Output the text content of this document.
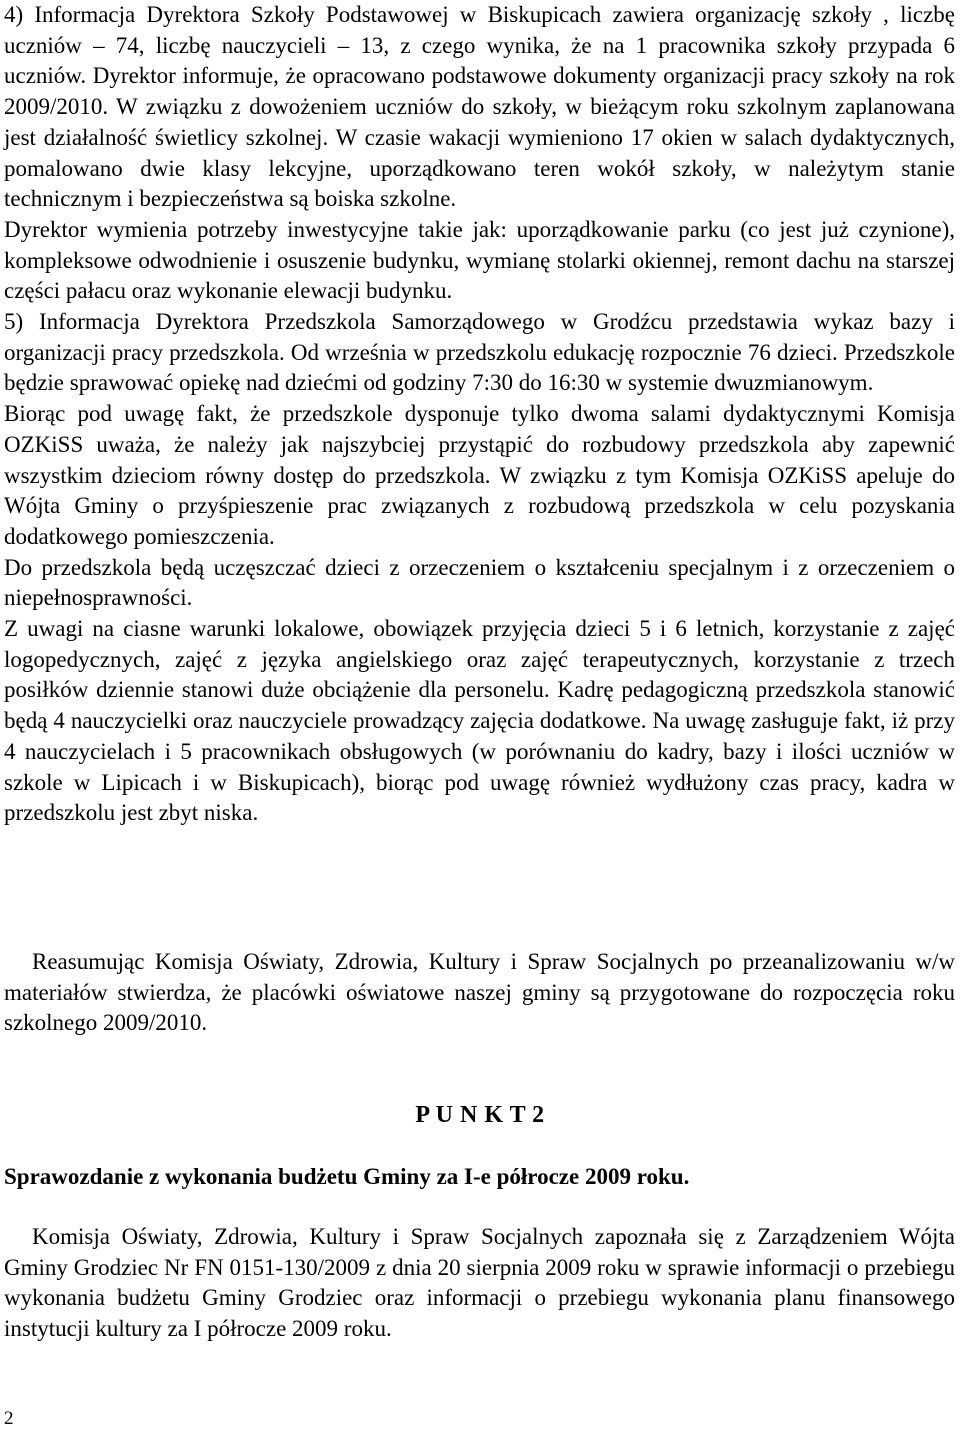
4) Informacja Dyrektora Szkoły Podstawowej w Biskupicach zawiera organizację szkoły , liczbę uczniów – 74, liczbę nauczycieli – 13, z czego wynika, że na 1 pracownika szkoły przypada 6 uczniów. Dyrektor informuje, że opracowano podstawowe dokumenty organizacji pracy szkoły na rok 2009/2010. W związku z dowożeniem uczniów do szkoły, w bieżącym roku szkolnym zaplanowana jest działalność świetlicy szkolnej. W czasie wakacji wymieniono 17 okien w salach dydaktycznych, pomalowano dwie klasy lekcyjne, uporządkowano teren wokół szkoły, w należytym stanie technicznym i bezpieczeństwa są boiska szkolne.

Dyrektor wymienia potrzeby inwestycyjne takie jak: uporządkowanie parku (co jest już czynione), kompleksowe odwodnienie i osuszenie budynku, wymianę stolarki okiennej, remont dachu na starszej części pałacu oraz wykonanie elewacji budynku.

5) Informacja Dyrektora Przedszkola Samorządowego w Grodźcu przedstawia wykaz bazy i organizacji pracy przedszkola. Od września w przedszkolu edukację rozpocznie 76 dzieci. Przedszkole będzie sprawować opiekę nad dziećmi od godziny 7:30 do 16:30 w systemie dwuzmianowym.

Biorąc pod uwagę fakt, że przedszkole dysponuje tylko dwoma salami dydaktycznymi Komisja OZKiSS uważa, że należy jak najszybciej przystąpić do rozbudowy przedszkola aby zapewnić wszystkim dzieciom równy dostęp do przedszkola. W związku z tym Komisja OZKiSS apeluje do Wójta Gminy o przyśpieszenie prac związanych z rozbudową przedszkola w celu pozyskania dodatkowego pomieszczenia.

Do przedszkola będą uczęszczać dzieci z orzeczeniem o kształceniu specjalnym i z orzeczeniem o niepełnosprawności.

Z uwagi na ciasne warunki lokalowe, obowiązek przyjęcia dzieci 5 i 6 letnich, korzystanie z zajęć logopedycznych, zajęć z języka angielskiego oraz zajęć terapeutycznych, korzystanie z trzech posiłków dziennie stanowi duże obciążenie dla personelu. Kadrę pedagogiczną przedszkola stanowić będą 4 nauczycielki oraz nauczyciele prowadzący zajęcia dodatkowe. Na uwagę zasługuje fakt, iż przy 4 nauczycielach i 5 pracownikach obsługowych (w porównaniu do kadry, bazy i ilości uczniów w szkole w Lipicach i w Biskupicach), biorąc pod uwagę również wydłużony czas pracy, kadra w przedszkolu jest zbyt niska.

Reasumując Komisja Oświaty, Zdrowia, Kultury i Spraw Socjalnych po przeanalizowaniu w/w materiałów stwierdza, że placówki oświatowe naszej gminy są przygotowane do rozpoczęcia roku szkolnego 2009/2010.

P U N K T 2
Sprawozdanie z wykonania budżetu Gminy za I-e półrocze 2009 roku.

Komisja Oświaty, Zdrowia, Kultury i Spraw Socjalnych zapoznała się z Zarządzeniem Wójta Gminy Grodziec Nr FN 0151-130/2009 z dnia 20 sierpnia 2009 roku w sprawie informacji o przebiegu wykonania budżetu Gminy Grodziec oraz informacji o przebiegu wykonania planu finansowego instytucji kultury za I półrocze 2009 roku.

2
